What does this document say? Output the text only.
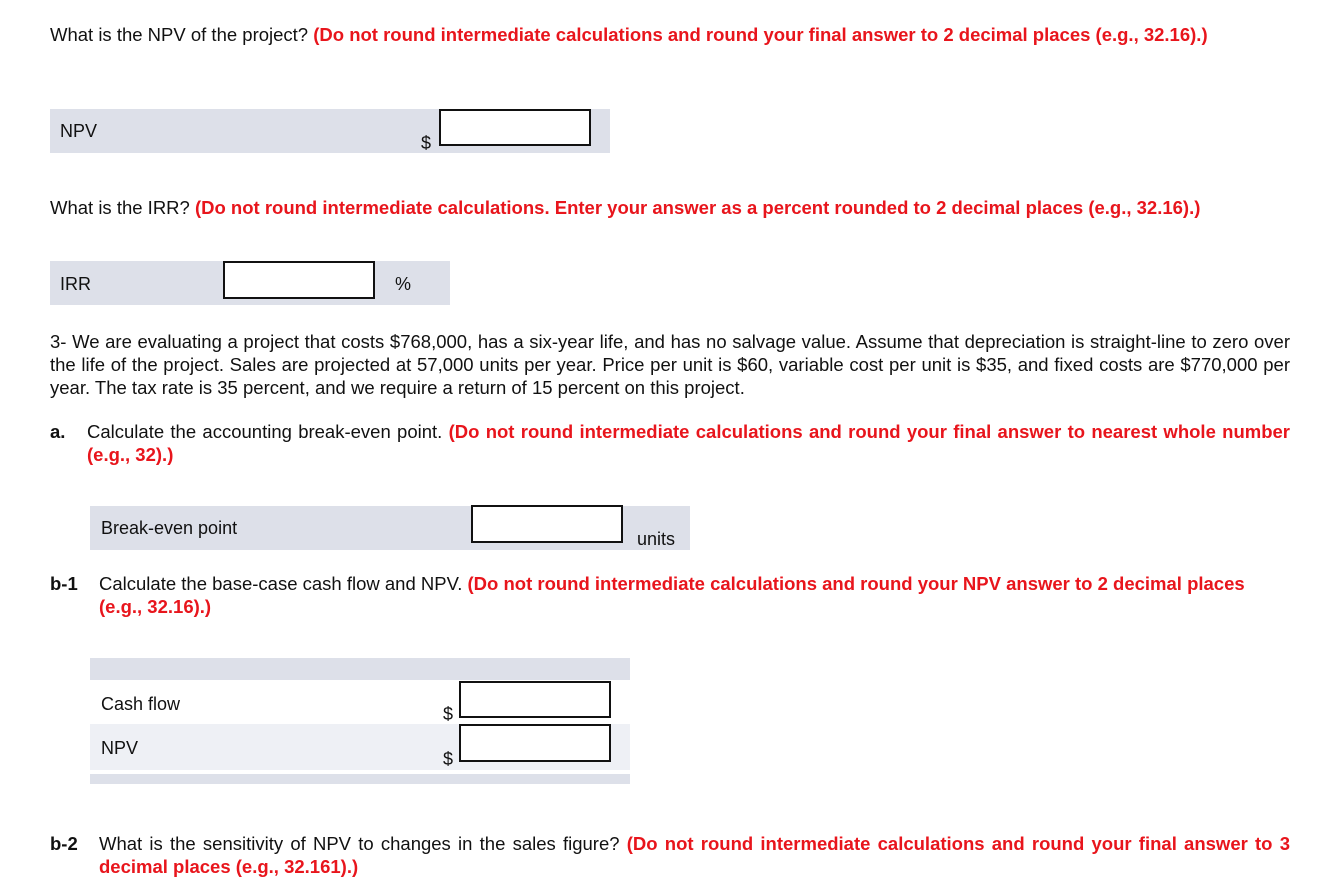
What is the NPV of the project? (Do not round intermediate calculations and round your final answer to 2 decimal places (e.g., 32.16).)
NPV
$
What is the IRR? (Do not round intermediate calculations. Enter your answer as a percent rounded to 2 decimal places (e.g., 32.16).)
IRR	%
3- We are evaluating a project that costs $768,000, has a six-year life, and has no salvage value. Assume that depreciation is straight-line to zero over the life of the project. Sales are projected at 57,000 units per year. Price per unit is $60, variable cost per unit is $35, and fixed costs are $770,000 per year. The tax rate is 35 percent, and we require a return of 15 percent on this project.
a.	Calculate the accounting break-even point. (Do not round intermediate calculations and round your final answer to nearest whole number (e.g., 32).)
Break-even point
units
b-1	Calculate the base-case cash flow and NPV. (Do not round intermediate calculations and round your NPV answer to 2 decimal places (e.g., 32.16).)
Cash flow	$
NPV
$
b-2	What is the sensitivity of NPV to changes in the sales figure? (Do not round intermediate calculations and round your final answer to 3 decimal places (e.g., 32.161).)
